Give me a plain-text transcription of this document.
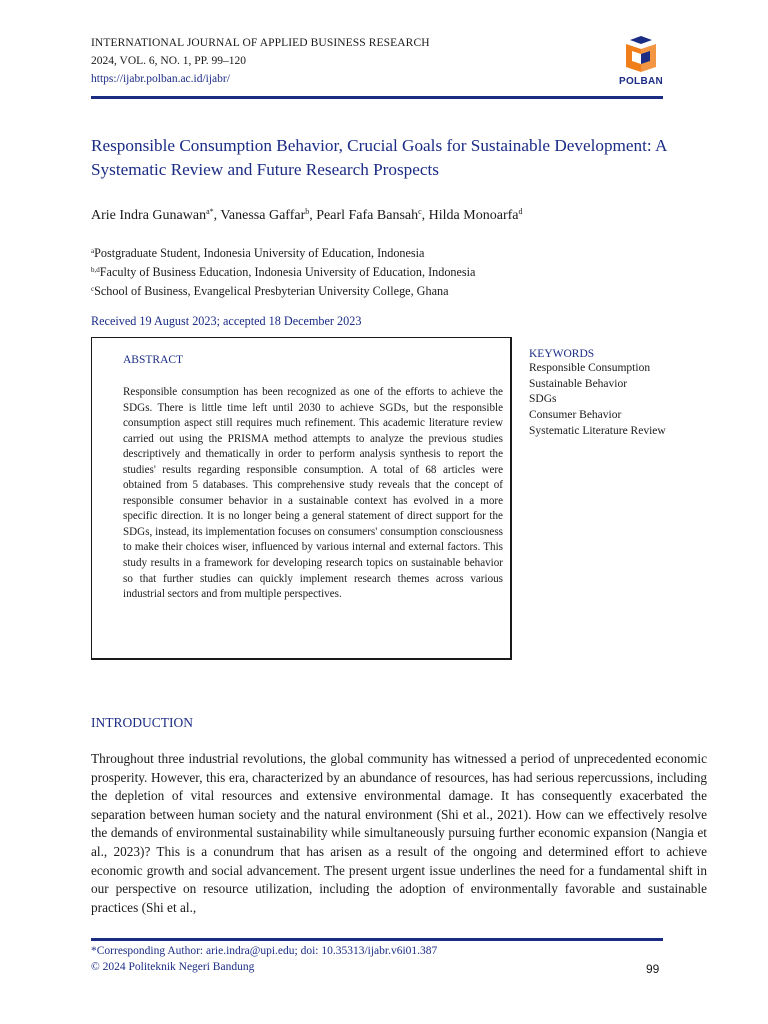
INTERNATIONAL JOURNAL OF APPLIED BUSINESS RESEARCH
2024, VOL. 6, NO. 1, PP. 99–120
https://ijabr.polban.ac.id/ijabr/	POLBAN
Responsible Consumption Behavior, Crucial Goals for Sustainable Development: A Systematic Review and Future Research Prospects
Arie Indra Gunawan$^{a*}$, Vanessa Gaffar$^b$, Pearl Fafa Bansah$^c$, Hilda Monoarfa$^d$
$^a$Postgraduate Student, Indonesia University of Education, Indonesia
$^{b,d}$Faculty of Business Education, Indonesia University of Education, Indonesia
$^c$School of Business, Evangelical Presbyterian University College, Ghana
Received 19 August 2023; accepted 18 December 2023
ABSTRACT
Responsible consumption has been recognized as one of the efforts to achieve the SDGs. There is little time left until 2030 to achieve SGDs, but the responsible consumption aspect still requires much refinement. This academic literature review carried out using the PRISMA method attempts to analyze the previous studies descriptively and thematically in order to perform analysis synthesis to report the studies' results regarding responsible consumption. A total of 68 articles were obtained from 5 databases. This comprehensive study reveals that the concept of responsible consumer behavior in a sustainable context has evolved in a more specific direction. It is no longer being a general statement of direct support for the SDGs, instead, its implementation focuses on consumers' consumption consciousness to make their choices wiser, influenced by various internal and external factors. This study results in a framework for developing research topics on sustainable behavior so that further studies can quickly implement research themes across various industrial sectors and from multiple perspectives.
KEYWORDS
Responsible Consumption
Sustainable Behavior
SDGs
Consumer Behavior
Systematic Literature Review
INTRODUCTION
Throughout three industrial revolutions, the global community has witnessed a period of unprecedented economic prosperity. However, this era, characterized by an abundance of resources, has had serious repercussions, including the depletion of vital resources and extensive environmental damage. It has consequently exacerbated the separation between human society and the natural environment (Shi et al., 2021). How can we effectively resolve the demands of environmental sustainability while simultaneously pursuing further economic expansion (Nangia et al., 2023)? This is a conundrum that has arisen as a result of the ongoing and determined effort to achieve economic growth and social advancement. The present urgent issue underlines the need for a fundamental shift in our perspective on resource utilization, including the adoption of environmentally favorable and sustainable practices (Shi et al.,
*Corresponding Author: arie.indra@upi.edu; doi: 10.35313/ijabr.v6i01.387
© 2024 Politeknik Negeri Bandung	99
